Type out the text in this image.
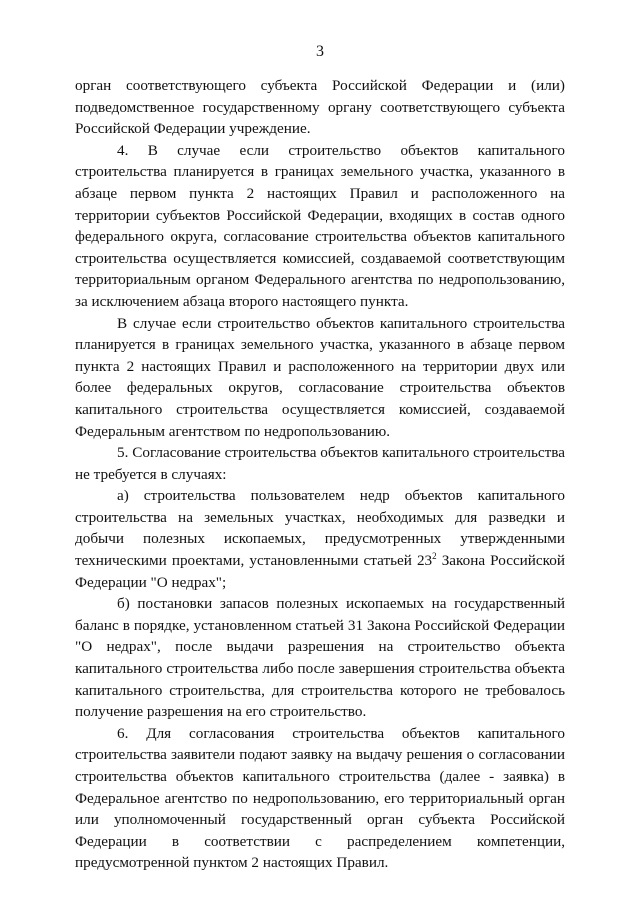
3

орган соответствующего субъекта Российской Федерации и (или) подведомственное государственному органу соответствующего субъекта Российской Федерации учреждение.

4. В случае если строительство объектов капитального строительства планируется в границах земельного участка, указанного в абзаце первом пункта 2 настоящих Правил и расположенного на территории субъектов Российской Федерации, входящих в состав одного федерального округа, согласование строительства объектов капитального строительства осуществляется комиссией, создаваемой соответствующим территориальным органом Федерального агентства по недропользованию, за исключением абзаца второго настоящего пункта.

В случае если строительство объектов капитального строительства планируется в границах земельного участка, указанного в абзаце первом пункта 2 настоящих Правил и расположенного на территории двух или более федеральных округов, согласование строительства объектов капитального строительства осуществляется комиссией, создаваемой Федеральным агентством по недропользованию.

5. Согласование строительства объектов капитального строительства не требуется в случаях:

а) строительства пользователем недр объектов капитального строительства на земельных участках, необходимых для разведки и добычи полезных ископаемых, предусмотренных утвержденными техническими проектами, установленными статьей $23^2$ Закона Российской Федерации "О недрах";

б) постановки запасов полезных ископаемых на государственный баланс в порядке, установленном статьей 31 Закона Российской Федерации "О недрах", после выдачи разрешения на строительство объекта капитального строительства либо после завершения строительства объекта капитального строительства, для строительства которого не требовалось получение разрешения на его строительство.

6. Для согласования строительства объектов капитального строительства заявители подают заявку на выдачу решения о согласовании строительства объектов капитального строительства (далее - заявка) в Федеральное агентство по недропользованию, его территориальный орган или уполномоченный государственный орган субъекта Российской Федерации в соответствии с распределением компетенции, предусмотренной пунктом 2 настоящих Правил.
